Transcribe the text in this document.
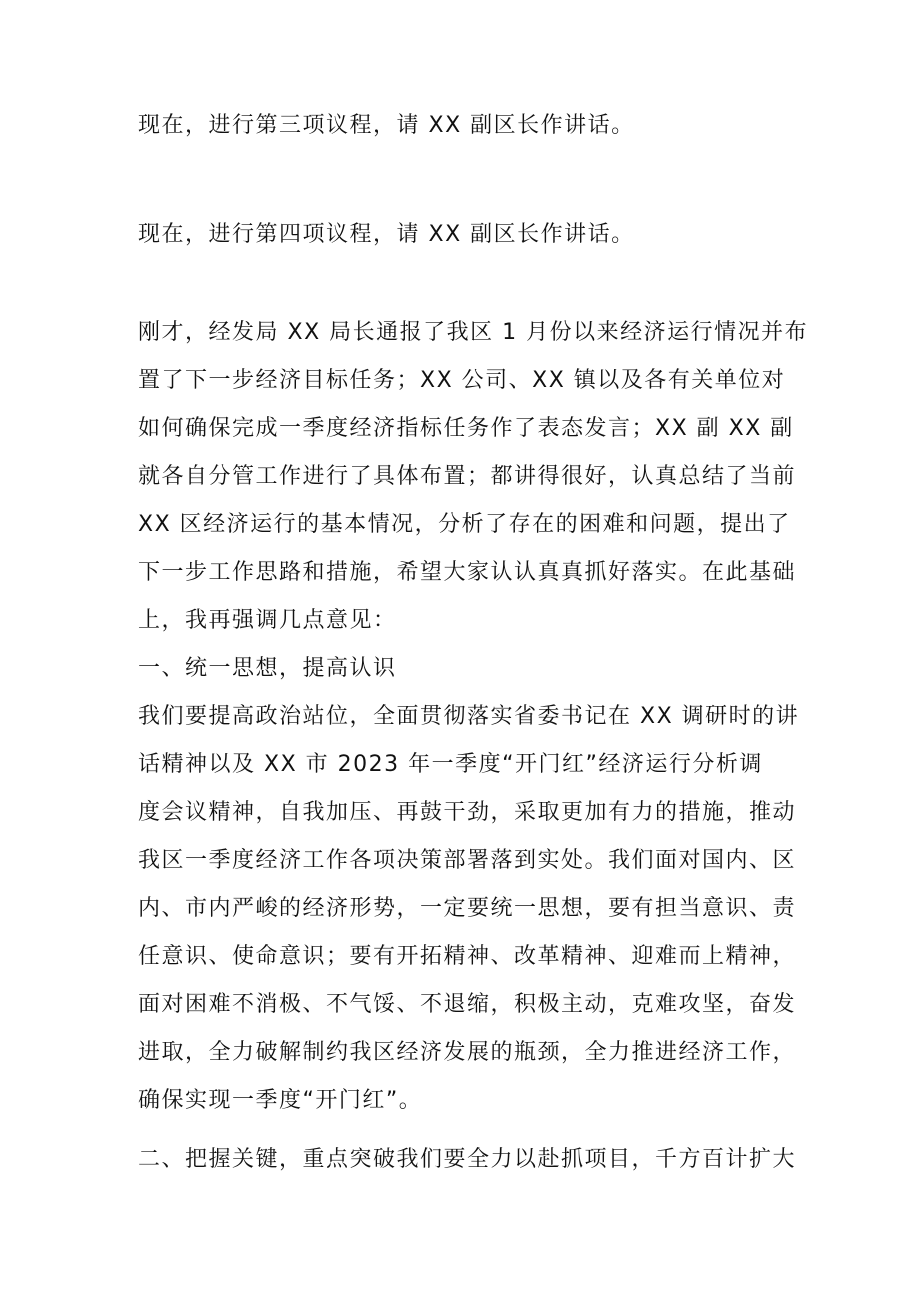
现在，进行第三项议程，请 XX 副区长作讲话。
现在，进行第四项议程，请 XX 副区长作讲话。
刚才，经发局 XX 局长通报了我区 1 月份以来经济运行情况并布
置了下一步经济目标任务；XX 公司、XX 镇以及各有关单位对
如何确保完成一季度经济指标任务作了表态发言；XX 副 XX 副
就各自分管工作进行了具体布置；都讲得很好，认真总结了当前
XX 区经济运行的基本情况，分析了存在的困难和问题，提出了
下一步工作思路和措施，希望大家认认真真抓好落实。在此基础
上，我再强调几点意见：
一、统一思想，提高认识
我们要提高政治站位，全面贯彻落实省委书记在 XX 调研时的讲
话精神以及 XX 市 2023 年一季度“开门红”经济运行分析调
度会议精神，自我加压、再鼓干劲，采取更加有力的措施，推动
我区一季度经济工作各项决策部署落到实处。我们面对国内、区
内、市内严峻的经济形势，一定要统一思想，要有担当意识、责
任意识、使命意识；要有开拓精神、改革精神、迎难而上精神，
面对困难不消极、不气馁、不退缩，积极主动，克难攻坚，奋发
进取，全力破解制约我区经济发展的瓶颈，全力推进经济工作，
确保实现一季度“开门红”。
二、把握关键，重点突破我们要全力以赴抓项目，千方百计扩大
